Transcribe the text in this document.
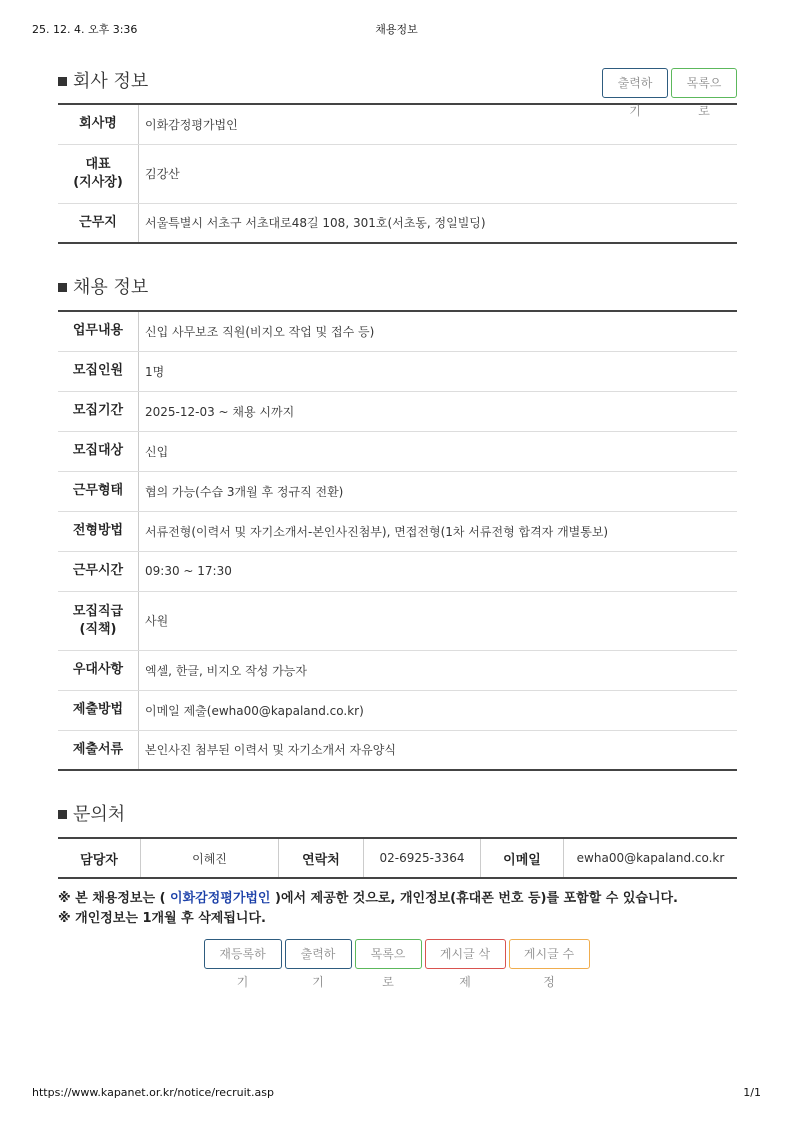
25. 12. 4. 오후 3:36	채용정보
회사 정보	출력하기 목록으로
회사명	이화감정평가법인

대표
(지사장)	김강산
근무지	서울특별시 서초구 서초대로48길 108, 301호(서초동, 정일빌딩)
채용 정보
업무내용	신입 사무보조 직원(비지오 작업 및 접수 등)
모집인원	1명
모집기간	2025-12-03 ~ 채용 시까지
모집대상	신입
근무형태	협의 가능(수습 3개월 후 정규직 전환)
전형방법	서류전형(이력서 및 자기소개서-본인사진첨부), 면접전형(1차 서류전형 합격자 개별통보)
근무시간	09:30 ~ 17:30

모집직급
(직책)	사원
우대사항	엑셀, 한글, 비지오 작성 가능자
제출방법	이메일 제출(ewha00@kapaland.co.kr)
제출서류	본인사진 첨부된 이력서 및 자기소개서 자유양식
문의처
담당자	이혜진	연락처	02-6925-3364	이메일	ewha00@kapaland.co.kr
※ 본 채용정보는 ( 이화감정평가법인 )에서 제공한 것으로, 개인정보(휴대폰 번호 등)를 포함할 수 있습니다.
※ 개인정보는 1개월 후 삭제됩니다.
재등록하기 출력하기 목록으로 게시글 삭제 게시글 수정
https://www.kapanet.or.kr/notice/recruit.asp	1/1
